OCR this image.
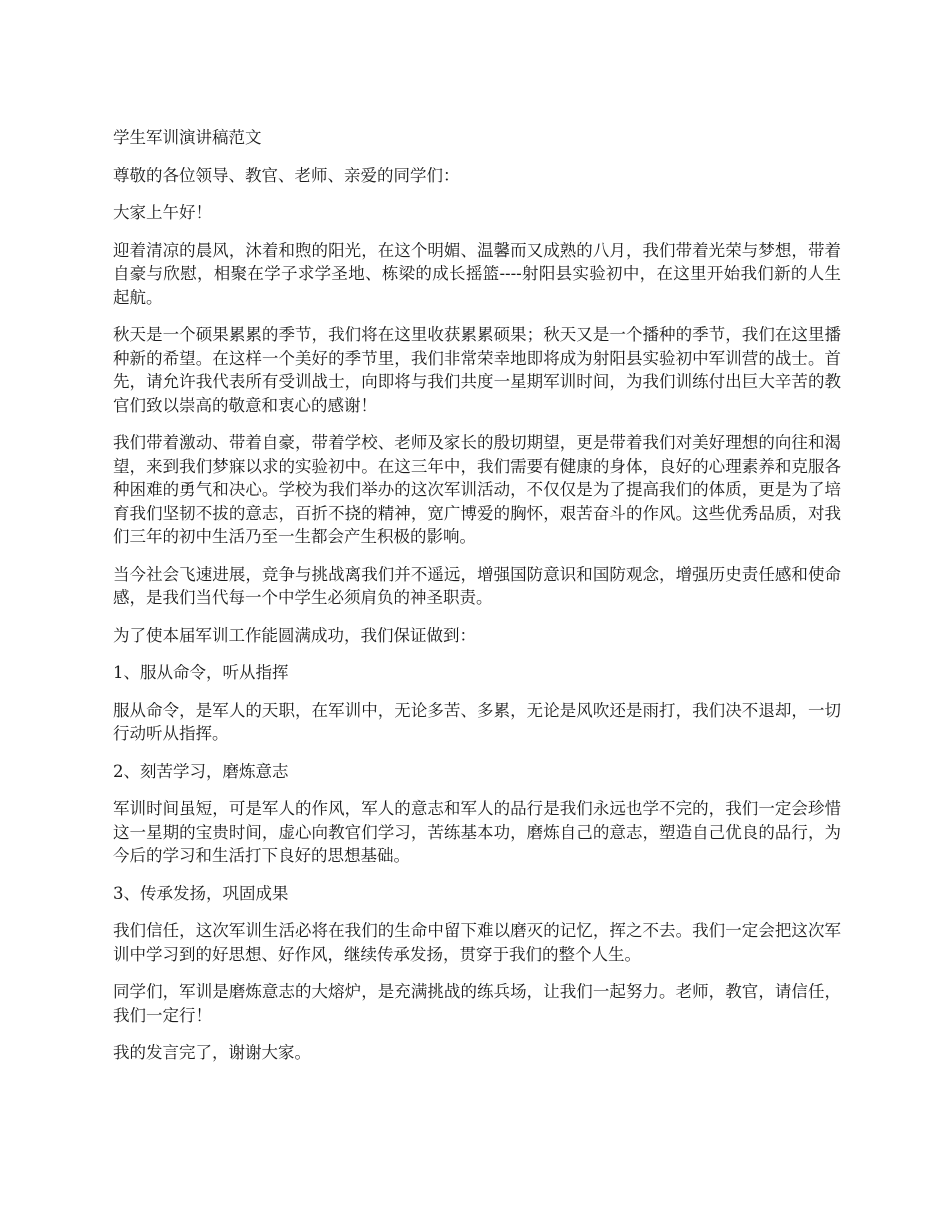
学生军训演讲稿范文

尊敬的各位领导、教官、老师、亲爱的同学们：

大家上午好！

迎着清凉的晨风，沐着和煦的阳光，在这个明媚、温馨而又成熟的八月，我们带着光荣与梦想，带着自豪与欣慰，相聚在学子求学圣地、栋梁的成长摇篮----射阳县实验初中，在这里开始我们新的人生起航。

秋天是一个硕果累累的季节，我们将在这里收获累累硕果；秋天又是一个播种的季节，我们在这里播种新的希望。在这样一个美好的季节里，我们非常荣幸地即将成为射阳县实验初中军训营的战士。首先，请允许我代表所有受训战士，向即将与我们共度一星期军训时间，为我们训练付出巨大辛苦的教官们致以崇高的敬意和衷心的感谢！

我们带着激动、带着自豪，带着学校、老师及家长的殷切期望，更是带着我们对美好理想的向往和渴望，来到我们梦寐以求的实验初中。在这三年中，我们需要有健康的身体，良好的心理素养和克服各种困难的勇气和决心。学校为我们举办的这次军训活动，不仅仅是为了提高我们的体质，更是为了培育我们坚韧不拔的意志，百折不挠的精神，宽广博爱的胸怀，艰苦奋斗的作风。这些优秀品质，对我们三年的初中生活乃至一生都会产生积极的影响。

当今社会飞速进展，竞争与挑战离我们并不遥远，增强国防意识和国防观念，增强历史责任感和使命感，是我们当代每一个中学生必须肩负的神圣职责。

为了使本届军训工作能圆满成功，我们保证做到：

1、服从命令，听从指挥

服从命令，是军人的天职，在军训中，无论多苦、多累，无论是风吹还是雨打，我们决不退却，一切行动听从指挥。

2、刻苦学习，磨炼意志

军训时间虽短，可是军人的作风，军人的意志和军人的品行是我们永远也学不完的，我们一定会珍惜这一星期的宝贵时间，虚心向教官们学习，苦练基本功，磨炼自己的意志，塑造自己优良的品行，为今后的学习和生活打下良好的思想基础。

3、传承发扬，巩固成果

我们信任，这次军训生活必将在我们的生命中留下难以磨灭的记忆，挥之不去。我们一定会把这次军训中学习到的好思想、好作风，继续传承发扬，贯穿于我们的整个人生。

同学们，军训是磨炼意志的大熔炉，是充满挑战的练兵场，让我们一起努力。老师，教官，请信任，我们一定行！

我的发言完了，谢谢大家。
